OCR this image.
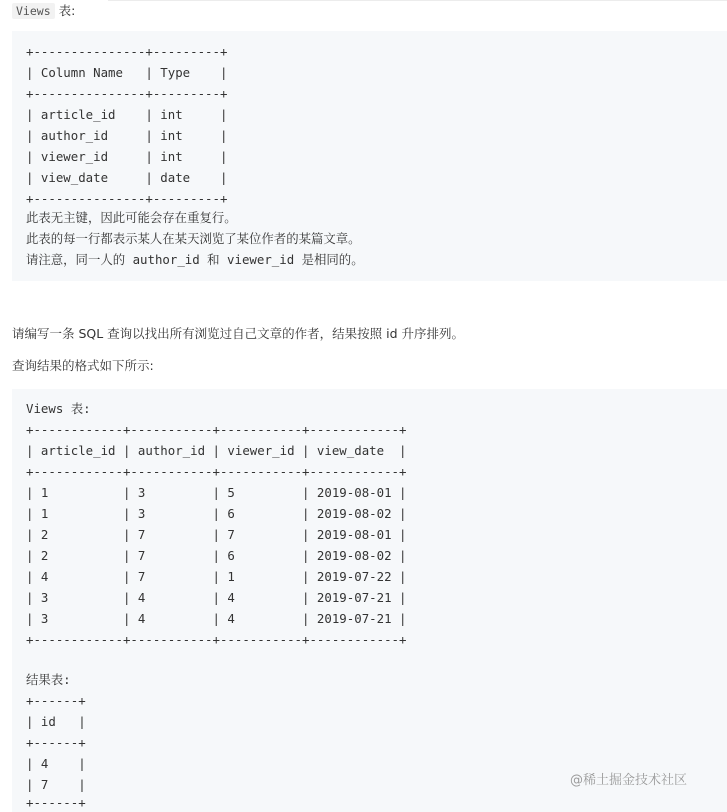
Views 表:
+---------------+---------+
| Column Name   | Type    |
+---------------+---------+
| article_id    | int     |
| author_id     | int     |
| viewer_id     | int     |
| view_date     | date    |
+---------------+---------+
此表无主键，因此可能会存在重复行。
此表的每一行都表示某人在某天浏览了某位作者的某篇文章。
请注意，同一人的 author_id 和 viewer_id 是相同的。
请编写一条 SQL 查询以找出所有浏览过自己文章的作者，结果按照 id 升序排列。
查询结果的格式如下所示:
Views 表:
+------------+-----------+-----------+------------+
| article_id | author_id | viewer_id | view_date  |
+------------+-----------+-----------+------------+
| 1          | 3         | 5         | 2019-08-01 |
| 1          | 3         | 6         | 2019-08-02 |
| 2          | 7         | 7         | 2019-08-01 |
| 2          | 7         | 6         | 2019-08-02 |
| 4          | 7         | 1         | 2019-07-22 |
| 3          | 4         | 4         | 2019-07-21 |
| 3          | 4         | 4         | 2019-07-21 |
+------------+-----------+-----------+------------+
结果表:
+------+
| id   |
+------+
| 4    |
| 7    |
+------+
@稀土掘金技术社区
